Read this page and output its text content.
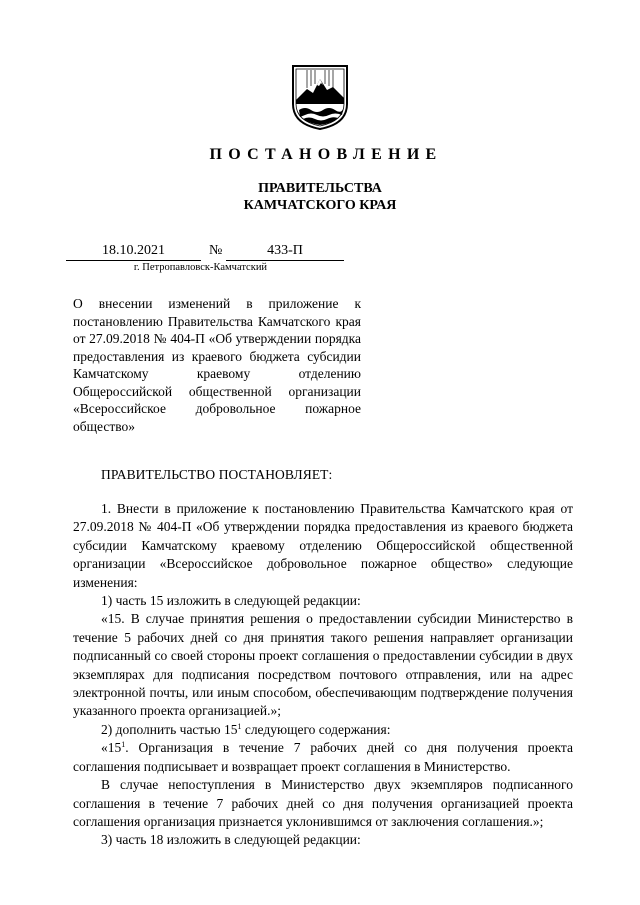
ПОСТАНОВЛЕНИЕ
ПРАВИТЕЛЬСТВА
КАМЧАТСКОГО КРАЯ
18.10.2021	№	433-П
г. Петропавловск-Камчатский
О внесении изменений в приложение к постановлению Правительства Камчатского края от 27.09.2018 № 404-П «Об утверждении порядка предоставления из краевого бюджета субсидии Камчатскому краевому отделению Общероссийской общественной организации «Всероссийское добровольное пожарное общество»
ПРАВИТЕЛЬСТВО ПОСТАНОВЛЯЕТ:

1. Внести в приложение к постановлению Правительства Камчатского края от 27.09.2018 № 404-П «Об утверждении порядка предоставления из краевого бюджета субсидии Камчатскому краевому отделению Общероссийской общественной организации «Всероссийское добровольное пожарное общество» следующие изменения:

1) часть 15 изложить в следующей редакции:

«15. В случае принятия решения о предоставлении субсидии Министерство в течение 5 рабочих дней со дня принятия такого решения направляет организации подписанный со своей стороны проект соглашения о предоставлении субсидии в двух экземплярах для подписания посредством почтового отправления, или на адрес электронной почты, или иным способом, обеспечивающим подтверждение получения указанного проекта организацией.»;

2) дополнить частью $15^1$ следующего содержания:

«$15^1$. Организация в течение 7 рабочих дней со дня получения проекта соглашения подписывает и возвращает проект соглашения в Министерство.

В случае непоступления в Министерство двух экземпляров подписанного соглашения в течение 7 рабочих дней со дня получения организацией проекта соглашения организация признается уклонившимся от заключения соглашения.»;

3) часть 18 изложить в следующей редакции:
